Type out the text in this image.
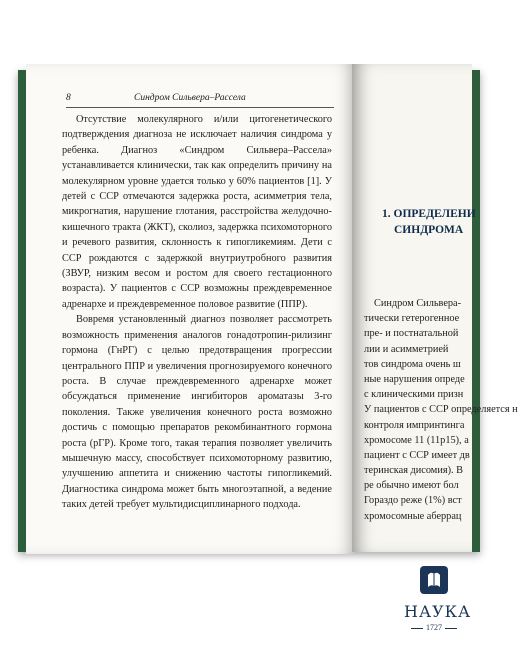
8	Синдром Сильвера–Рассела

Отсутствие молекулярного и/или цитогенетического подтверждения диагноза не исключает наличия синдрома у ребенка. Диагноз «Синдром Сильвера–Рассела» устанавливается клинически, так как определить причину на молекулярном уровне удается только у 60% пациентов [1]. У детей с ССР отмечаются задержка роста, асимметрия тела, микрогнатия, нарушение глотания, расстройства желудочно-кишечного тракта (ЖКТ), сколиоз, задержка психомоторного и речевого развития, склонность к гипогликемиям. Дети с ССР рождаются с задержкой внутриутробного развития (ЗВУР, низким весом и ростом для своего гестационного возраста). У пациентов с ССР возможны преждевременное адренархе и преждевременное половое развитие (ППР).

Вовремя установленный диагноз позволяет рассмотреть возможность применения аналогов гонадотропин-рилизинг гормона (ГнРГ) с целью предотвращения прогрессии центрального ППР и увеличения прогнозируемого конечного роста. В случае преждевременного адренархе может обсуждаться применение ингибиторов ароматазы 3-го поколения. Также увеличения конечного роста возможно достичь с помощью препаратов рекомбинантного гормона роста (рГР). Кроме того, такая терапия позволяет увеличить мышечную массу, способствует психомоторному развитию, улучшению аппетита и снижению частоты гипогликемий. Диагностика синдрома может быть многоэтапной, а ведение таких детей требует мультидисциплинарного подхода.

1. ОПРЕДЕЛЕНИ
СИНДРОМА
Синдром Сильвера-
тически гетерогенное
пре- и постнатальной
лии и асимметрией
тов синдрома очень ш
ные нарушения опреде
с клиническими призн
У пациентов с ССР определяется н
контроля импринтинга
хромосоме 11 (11p15), а
пациент с ССР имеет дв
теринская дисомия). В
ре обычно имеют бол
Гораздо реже (1%) вст
хромосомные аберрац
НАУКА
1727
